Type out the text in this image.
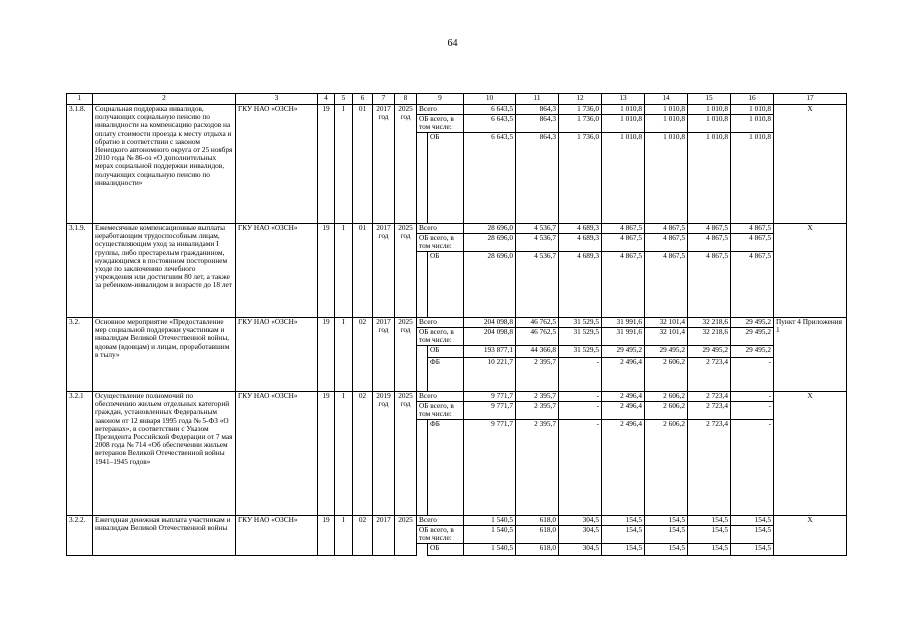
64
1	2	3	4	5	6	7	8	9		10	11	12	13	14	15	16	17
3.1.8.	Социальная поддержка инвалидов, получающих социальную пенсию по инвалидности на компенсацию расходов на оплату стоимости проезда к месту отдыха и обратно в соответствии с законом Ненецкого автономного округа от 25 ноября 2010 года № 86-оз «О дополнительных мерах социальной поддержки инвалидов, получающих социальную пенсию по инвалидности»	ГКУ НАО «ОЗСН»	19	I	01	2017 год	2025 год	Всего		6 643,5	864,3	1 736,0	1 010,8	1 010,8	1 010,8	1 010,8	Х
								ОБ всего, в том числе:		6 643,5	864,3	1 736,0	1 010,8	1 010,8	1 010,8	1 010,8	
									ОБ	6 643,5	864,3	1 736,0	1 010,8	1 010,8	1 010,8	1 010,8	
3.1.9.	Ежемесячные компенсационные выплаты неработающим трудоспособным лицам, осуществляющим уход за инвалидами I группы, либо престарелым гражданином, нуждающимся в постоянном постороннем уходе по заключению лечебного учреждения или достигшим 80 лет, а также за ребенком-инвалидом в возрасте до 18 лет	ГКУ НАО «ОЗСН»	19	I	01	2017 год	2025 год	Всего		28 696,0	4 536,7	4 689,3	4 867,5	4 867,5	4 867,5	4 867,5	Х
								ОБ всего, в том числе:		28 696,0	4 536,7	4 689,3	4 867,5	4 867,5	4 867,5	4 867,5	
									ОБ	28 696,0	4 536,7	4 689,3	4 867,5	4 867,5	4 867,5	4 867,5	
3.2.	Основное мероприятие «Предоставление мер социальной поддержки участникам и инвалидам Великой Отечественной войны, вдовам (вдовцам) и лицам, проработавшим в тылу»	ГКУ НАО «ОЗСН»	19	I	02	2017 год	2025 год	Всего		204 098,8	46 762,5	31 529,5	31 991,6	32 101,4	32 218,6	29 495,2	Пункт 4 Приложения 1
								ОБ всего, в том числе:		204 098,8	46 762,5	31 529,5	31 991,6	32 101,4	32 218,6	29 495,2	
									ОБ	193 877,1	44 366,8	31 529,5	29 495,2	29 495,2	29 495,2	29 495,2	
									ФБ	10 221,7	2 395,7	-	2 496,4	2 606,2	2 723,4	-	
3.2.1	Осуществление полномочий по обеспечению жильем отдельных категорий граждан, установленных Федеральным законом от 12 января 1995 года № 5-ФЗ «О ветеранах», в соответствии с Указом Президента Российской Федерации от 7 мая 2008 года № 714 «Об обеспечении жильем ветеранов Великой Отечественной войны 1941–1945 годов»	ГКУ НАО «ОЗСН»	19	I	02	2019 год	2025 год	Всего		9 771,7	2 395,7	-	2 496,4	2 606,2	2 723,4	-	Х
								ОБ всего, в том числе:		9 771,7	2 395,7	-	2 496,4	2 606,2	2 723,4	-	
									ФБ	9 771,7	2 395,7	-	2 496,4	2 606,2	2 723,4	-	
3.2.2.	Ежегодная денежная выплата участникам и инвалидам Великой Отечественной войны	ГКУ НАО «ОЗСН»	19	I	02	2017	2025	Всего		1 540,5	618,0	304,5	154,5	154,5	154,5	154,5	Х
								ОБ всего, в том числе:		1 540,5	618,0	304,5	154,5	154,5	154,5	154,5	
									ОБ	1 540,5	618,0	304,5	154,5	154,5	154,5	154,5	
